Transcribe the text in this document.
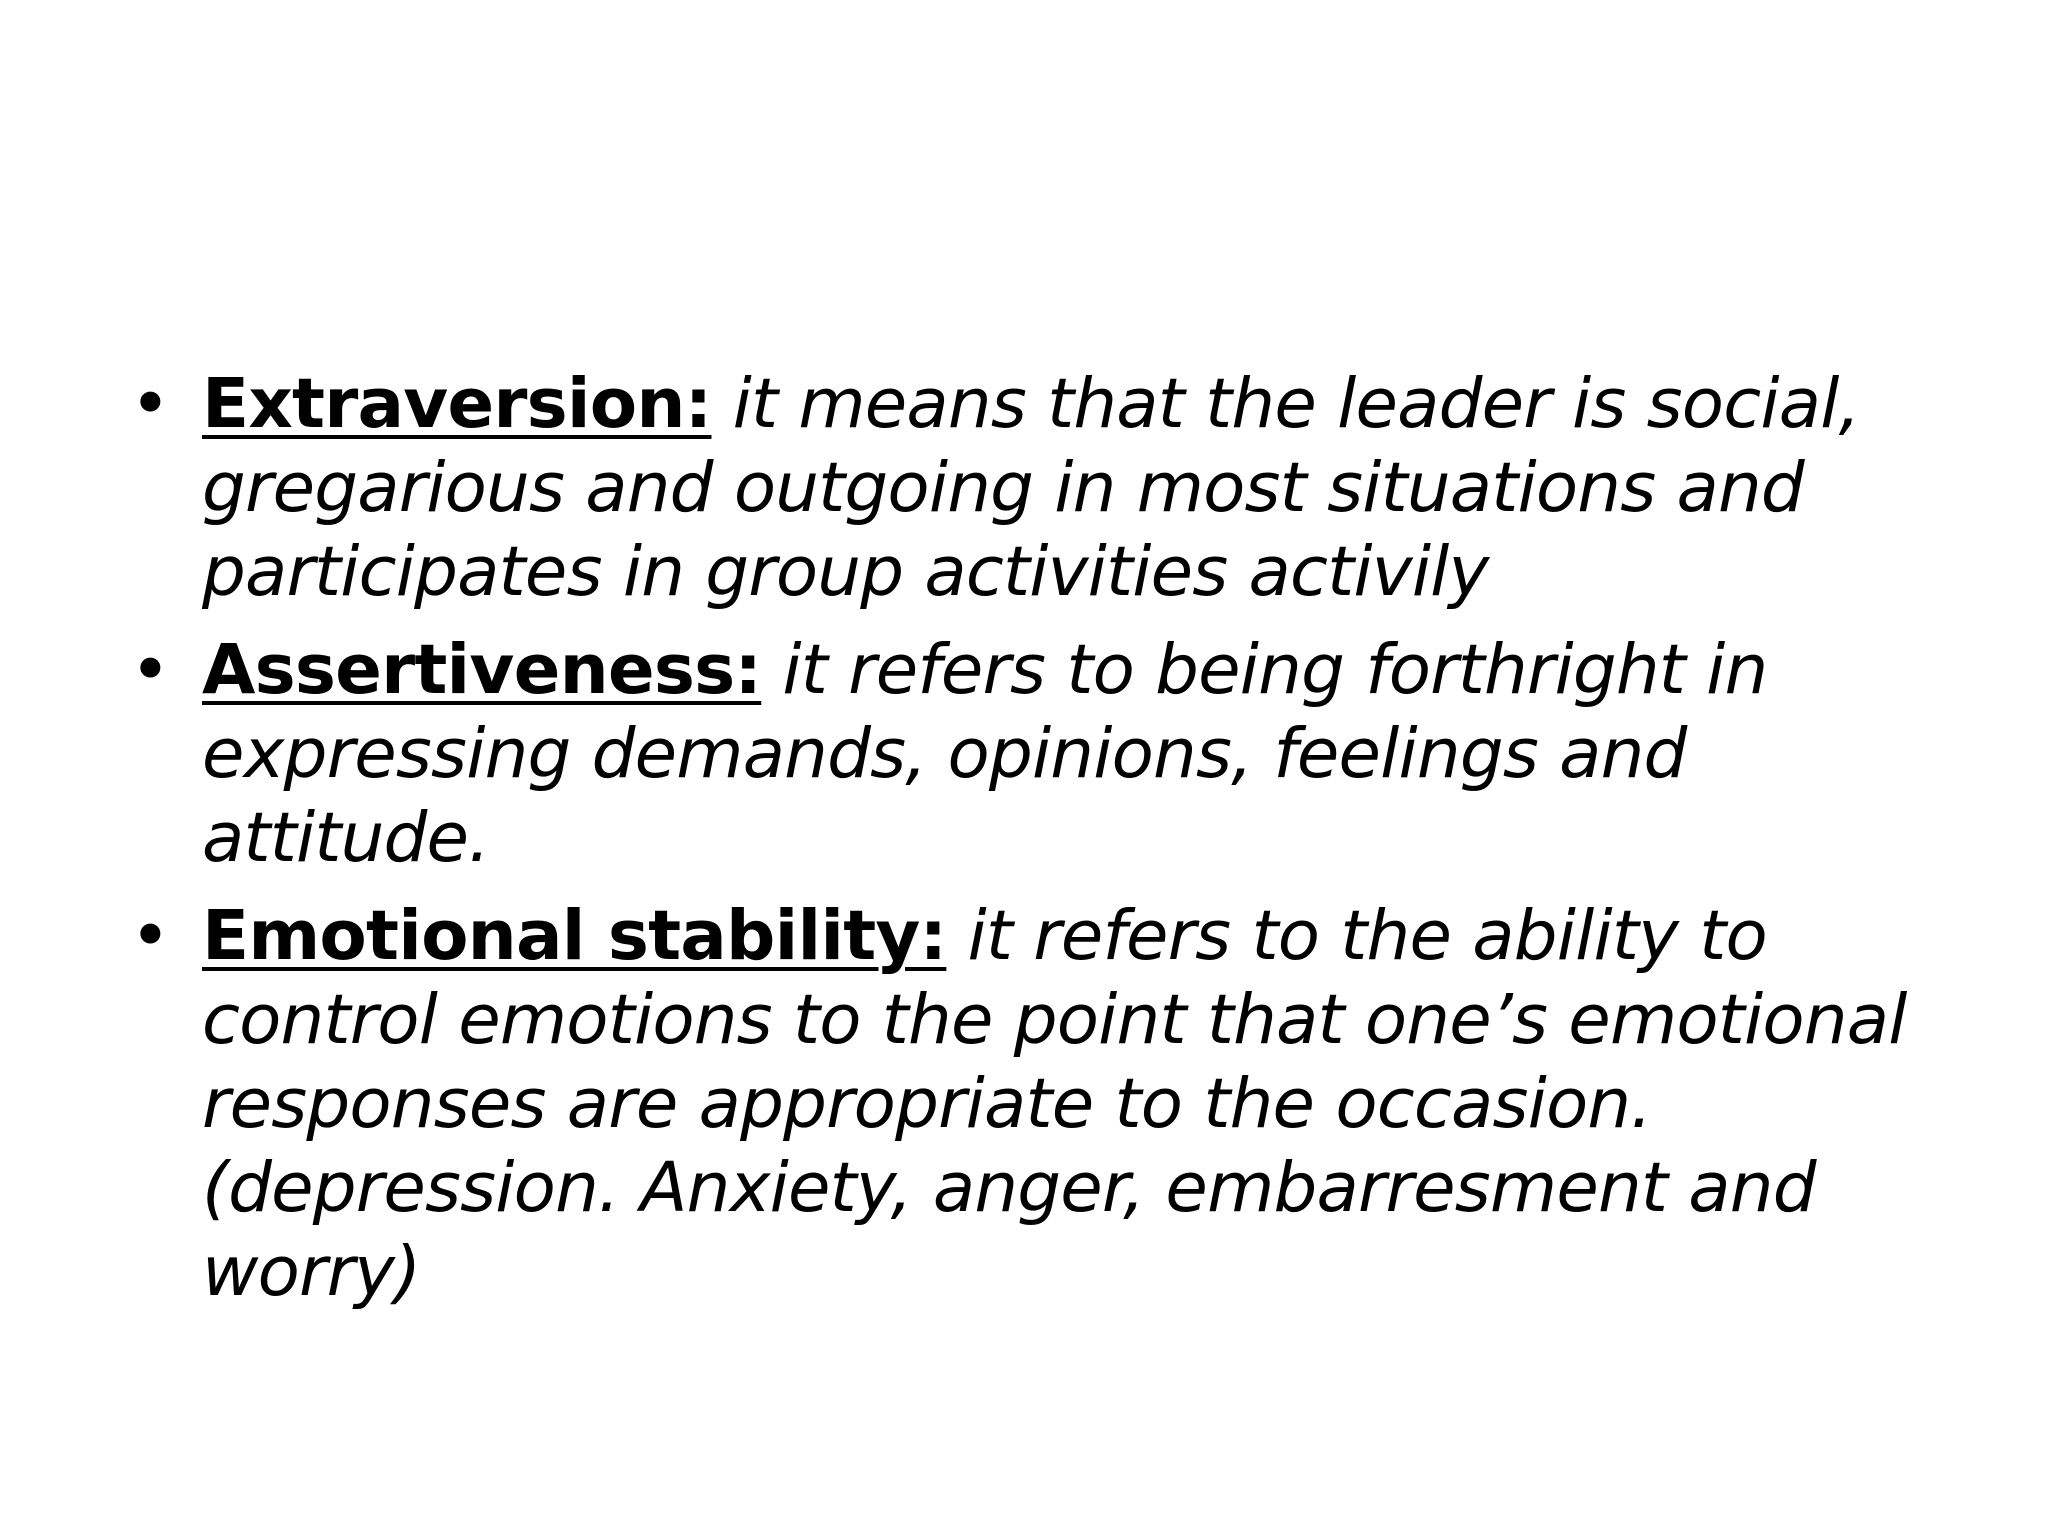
• Extraversion: it means that the leader is social, gregarious and outgoing in most situations and participates in group activities activily
• Assertiveness: it refers to being forthright in expressing demands, opinions, feelings and attitude.
• Emotional stability: it refers to the ability to control emotions to the point that one’s emotional responses are appropriate to the occasion.(depression. Anxiety, anger, embarresment and worry)
